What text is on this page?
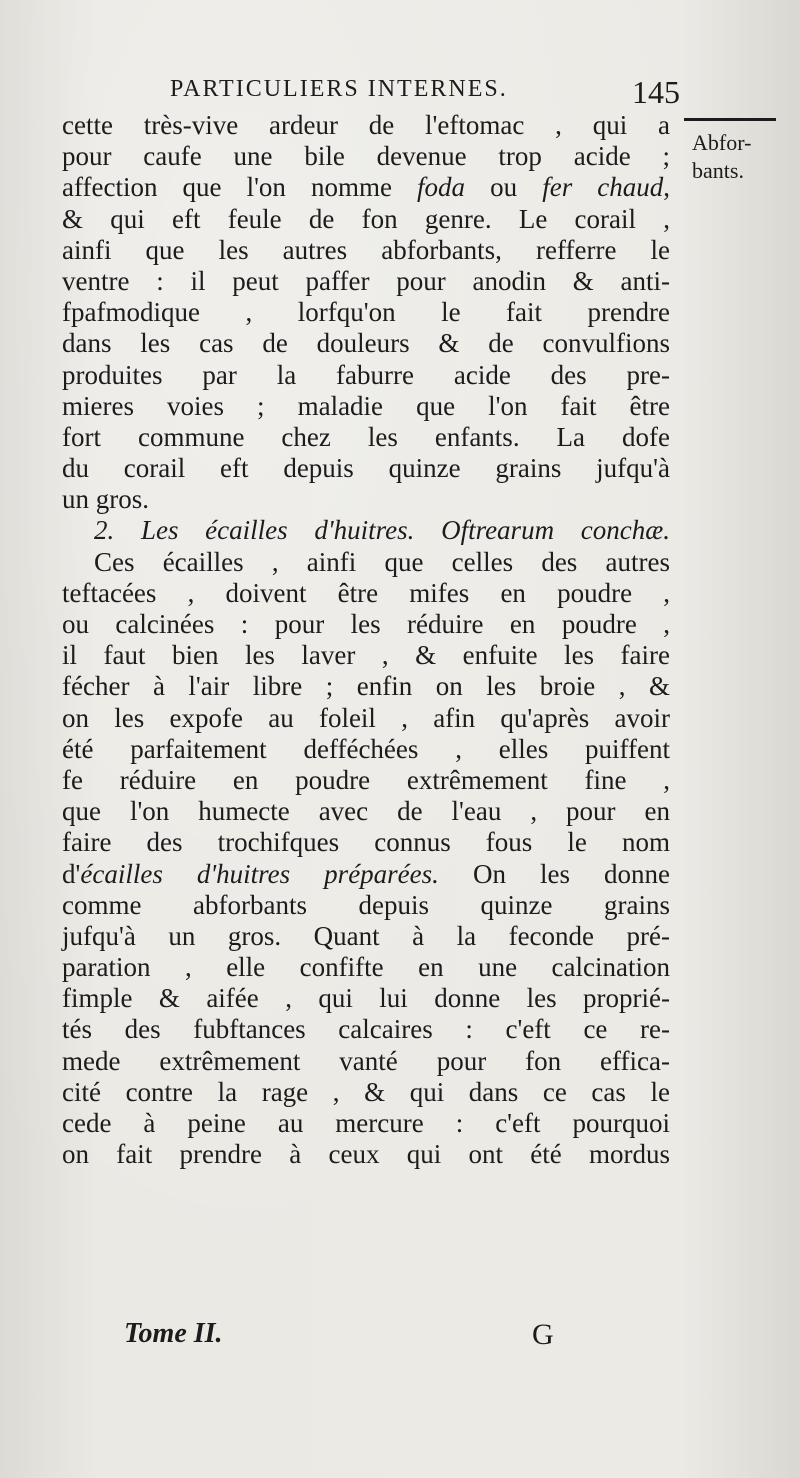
PARTICULIERS INTERNES.	145
Abfor-
bants.
cette très-vive ardeur de l'eftomac , qui a
pour caufe une bile devenue trop acide ;
affection que l'on nomme foda ou fer chaud,
& qui eft feule de fon genre. Le corail ,
ainfi que les autres abforbants, refferre le
ventre : il peut paffer pour anodin & anti-
fpafmodique , lorfqu'on le fait prendre
dans les cas de douleurs & de convulfions
produites par la faburre acide des pre-
mieres voies ; maladie que l'on fait être
fort commune chez les enfants. La dofe
du corail eft depuis quinze grains jufqu'à
un gros.
2. Les écailles d'huitres. Oftrearum conchæ.
Ces écailles , ainfi que celles des autres
teftacées , doivent être mifes en poudre ,
ou calcinées : pour les réduire en poudre ,
il faut bien les laver , & enfuite les faire
fécher à l'air libre ; enfin on les broie , &
on les expofe au foleil , afin qu'après avoir
été parfaitement defféchées , elles puiffent
fe réduire en poudre extrêmement fine ,
que l'on humecte avec de l'eau , pour en
faire des trochifques connus fous le nom
d'écailles d'huitres préparées. On les donne
comme abforbants depuis quinze grains
jufqu'à un gros. Quant à la feconde pré-
paration , elle confifte en une calcination
fimple & aifée , qui lui donne les proprié-
tés des fubftances calcaires : c'eft ce re-
mede extrêmement vanté pour fon effica-
cité contre la rage , & qui dans ce cas le
cede à peine au mercure : c'eft pourquoi
on fait prendre à ceux qui ont été mordus
Tome II.	G
